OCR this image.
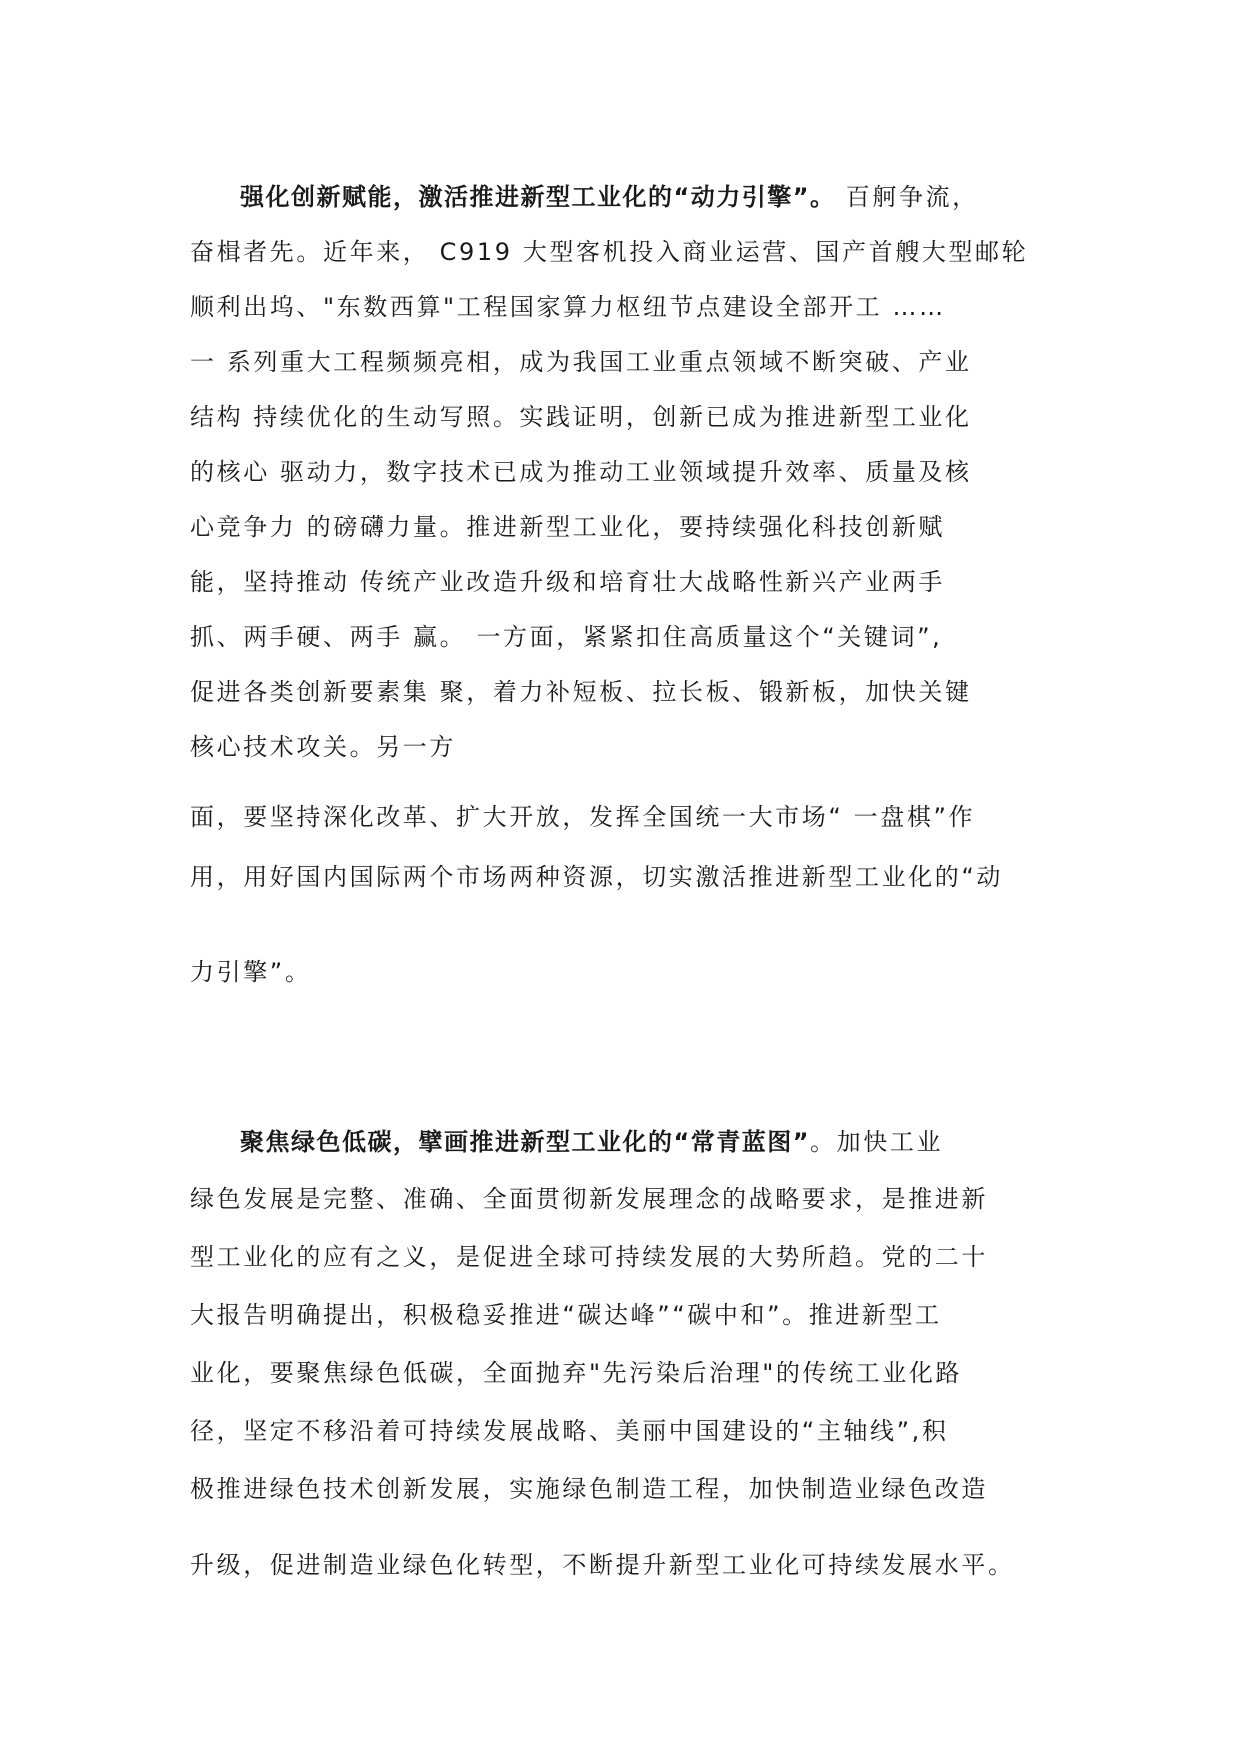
强化创新赋能，激活推进新型工业化的“动力引擎”。 百舸争流，
奋楫者先。近年来， C919 大型客机投入商业运营、国产首艘大型邮轮
顺利出坞、"东数西算"工程国家算力枢纽节点建设全部开工 ……
一 系列重大工程频频亮相，成为我国工业重点领域不断突破、产业
结构 持续优化的生动写照。实践证明，创新已成为推进新型工业化
的核心 驱动力，数字技术已成为推动工业领域提升效率、质量及核
心竞争力 的磅礴力量。推进新型工业化，要持续强化科技创新赋
能，坚持推动 传统产业改造升级和培育壮大战略性新兴产业两手
抓、两手硬、两手 赢。 一方面，紧紧扣住高质量这个“关键词”,
促进各类创新要素集 聚，着力补短板、拉长板、锻新板，加快关键
核心技术攻关。另一方
面，要坚持深化改革、扩大开放，发挥全国统一大市场“ 一盘棋”作
用，用好国内国际两个市场两种资源，切实激活推进新型工业化的“动
力引擎”。
聚焦绿色低碳，擘画推进新型工业化的“常青蓝图”。加快工业
绿色发展是完整、准确、全面贯彻新发展理念的战略要求，是推进新
型工业化的应有之义，是促进全球可持续发展的大势所趋。党的二十
大报告明确提出，积极稳妥推进“碳达峰”“碳中和”。推进新型工
业化，要聚焦绿色低碳，全面抛弃"先污染后治理"的传统工业化路
径，坚定不移沿着可持续发展战略、美丽中国建设的“主轴线”,积
极推进绿色技术创新发展，实施绿色制造工程，加快制造业绿色改造
升级，促进制造业绿色化转型，不断提升新型工业化可持续发展水平。
